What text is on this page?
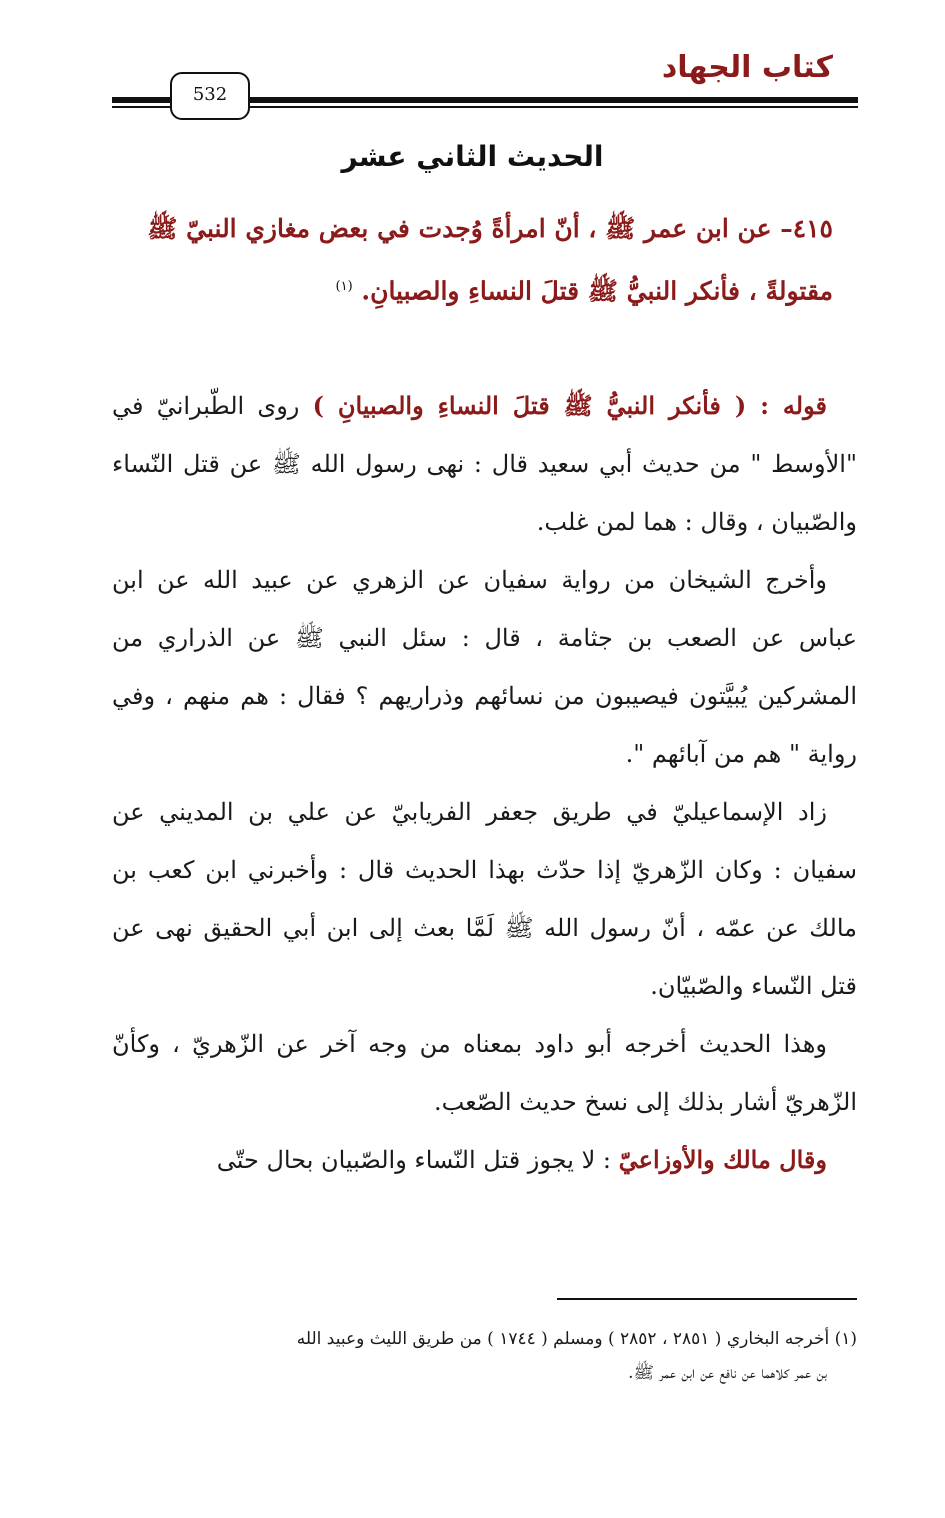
كتاب الجهاد
532
الحديث الثاني عشر
٤١٥– عن ابن عمر ﷺ ، أنّ امرأةً وُجدت في بعض مغازي النبيّ ﷺ مقتولةً ، فأنكر النبيُّ ﷺ قتلَ النساءِ والصبيانِ. $^{(١)}$

قوله : ( فأنكر النبيُّ ﷺ قتلَ النساءِ والصبيانِ ) روى الطّبرانيّ في "الأوسط " من حديث أبي سعيد قال : نهى رسول الله ﷺ عن قتل النّساء والصّبيان ، وقال : هما لمن غلب.

وأخرج الشيخان من رواية سفيان عن الزهري عن عبيد الله عن ابن عباس عن الصعب بن جثامة ، قال : سئل النبي ﷺ عن الذراري من المشركين يُبيَّتون فيصيبون من نسائهم وذراريهم ؟ فقال : هم منهم ، وفي رواية " هم من آبائهم ".

زاد الإسماعيليّ في طريق جعفر الفريابيّ عن علي بن المديني عن سفيان : وكان الزّهريّ إذا حدّث بهذا الحديث قال : وأخبرني ابن كعب بن مالك عن عمّه ، أنّ رسول الله ﷺ لَمَّا بعث إلى ابن أبي الحقيق نهى عن قتل النّساء والصّبيّان.

وهذا الحديث أخرجه أبو داود بمعناه من وجه آخر عن الزّهريّ ، وكأنّ الزّهريّ أشار بذلك إلى نسخ حديث الصّعب.

وقال مالك والأوزاعيّ : لا يجوز قتل النّساء والصّبيان بحال حتّى

(١) أخرجه البخاري ( ٢٨٥١ ، ٢٨٥٢ ) ومسلم ( ١٧٤٤ ) من طريق الليث وعبيد الله
بن عمر كلاهما عن نافع عن ابن عمر ﷺ.
